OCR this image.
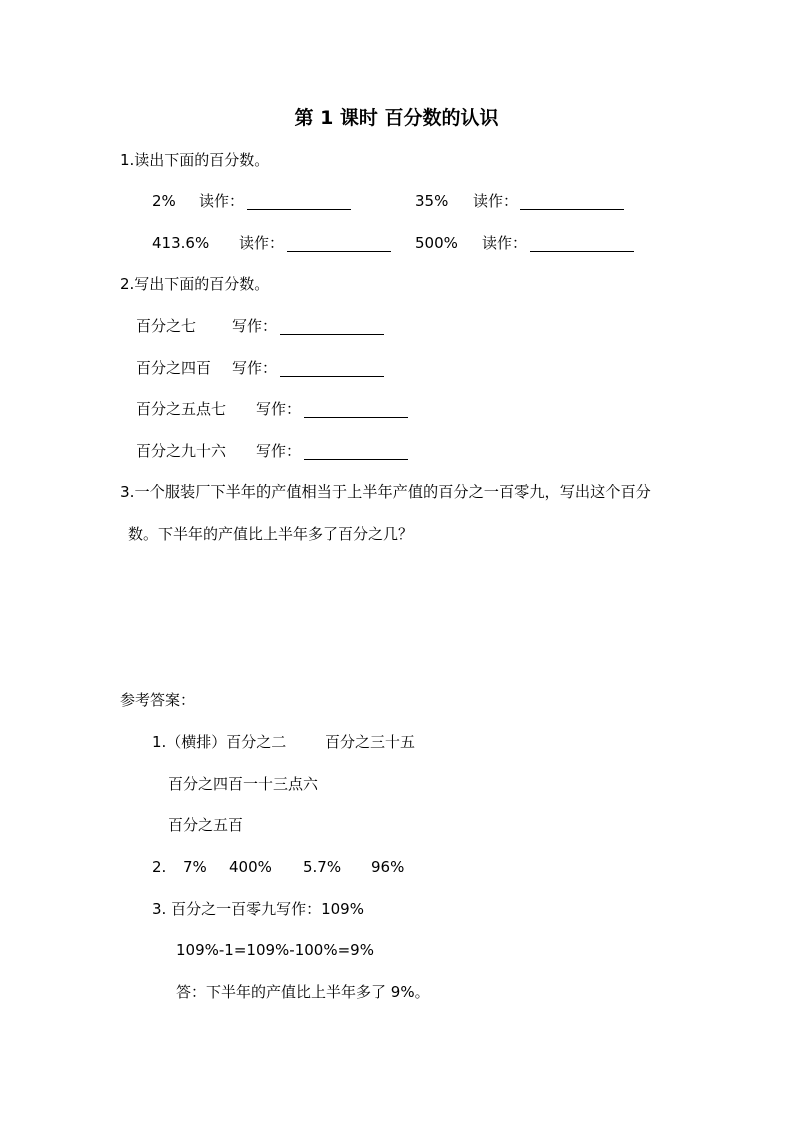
第 1 课时 百分数的认识
1.读出下面的百分数。
2% 读作：	35% 读作：
413.6% 读作：	500% 读作：
2.写出下面的百分数。
百分之七 写作：
百分之四百 写作：
百分之五点七 写作：
百分之九十六 写作：
3.一个服装厂下半年的产值相当于上半年产值的百分之一百零九，写出这个百分
数。下半年的产值比上半年多了百分之几？
参考答案：
1.（横排）百分之二	百分之三十五
百分之四百一十三点六
百分之五百
2. 7% 400% 5.7% 96%
3. 百分之一百零九写作：109%
109%-1=109%-100%=9%
答：下半年的产值比上半年多了 9%。
